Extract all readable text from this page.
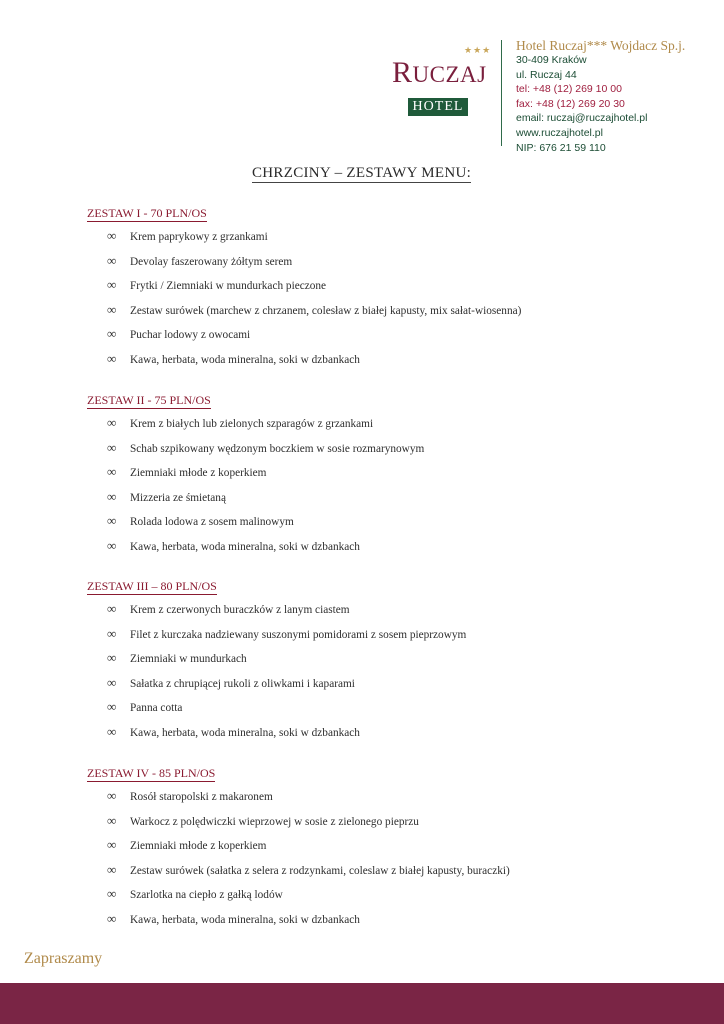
★★★
RUCZAJ
HOTEL
Hotel Ruczaj*** Wojdacz Sp.j.
30-409 Kraków
ul. Ruczaj 44
tel: +48 (12) 269 10 00
fax: +48 (12) 269 20 30
email: ruczaj@ruczajhotel.pl
www.ruczajhotel.pl
NIP: 676 21 59 110
CHRZCINY – ZESTAWY MENU:
ZESTAW I - 70 PLN/OS
∞ Krem paprykowy z grzankami
∞ Devolay faszerowany żółtym serem
∞ Frytki / Ziemniaki w mundurkach pieczone
∞ Zestaw surówek (marchew z chrzanem, colesław z białej kapusty, mix sałat-wiosenna)
∞ Puchar lodowy z owocami
∞ Kawa, herbata, woda mineralna, soki w dzbankach
ZESTAW II - 75 PLN/OS
∞ Krem z białych lub zielonych szparagów z grzankami
∞ Schab szpikowany wędzonym boczkiem w sosie rozmarynowym
∞ Ziemniaki młode z koperkiem
∞ Mizzeria ze śmietaną
∞ Rolada lodowa z sosem malinowym
∞ Kawa, herbata, woda mineralna, soki w dzbankach
ZESTAW III – 80 PLN/OS
∞ Krem z czerwonych buraczków z lanym ciastem
∞ Filet z kurczaka nadziewany suszonymi pomidorami z sosem pieprzowym
∞ Ziemniaki w mundurkach
∞ Sałatka z chrupiącej rukoli z oliwkami i kaparami
∞ Panna cotta
∞ Kawa, herbata, woda mineralna, soki w dzbankach
ZESTAW IV - 85 PLN/OS
∞ Rosół staropolski z makaronem
∞ Warkocz z polędwiczki wieprzowej w sosie z zielonego pieprzu
∞ Ziemniaki młode z koperkiem
∞ Zestaw surówek (sałatka z selera z rodzynkami, coleslaw z białej kapusty, buraczki)
∞ Szarlotka na ciepło z gałką lodów
∞ Kawa, herbata, woda mineralna, soki w dzbankach
Zapraszamy
